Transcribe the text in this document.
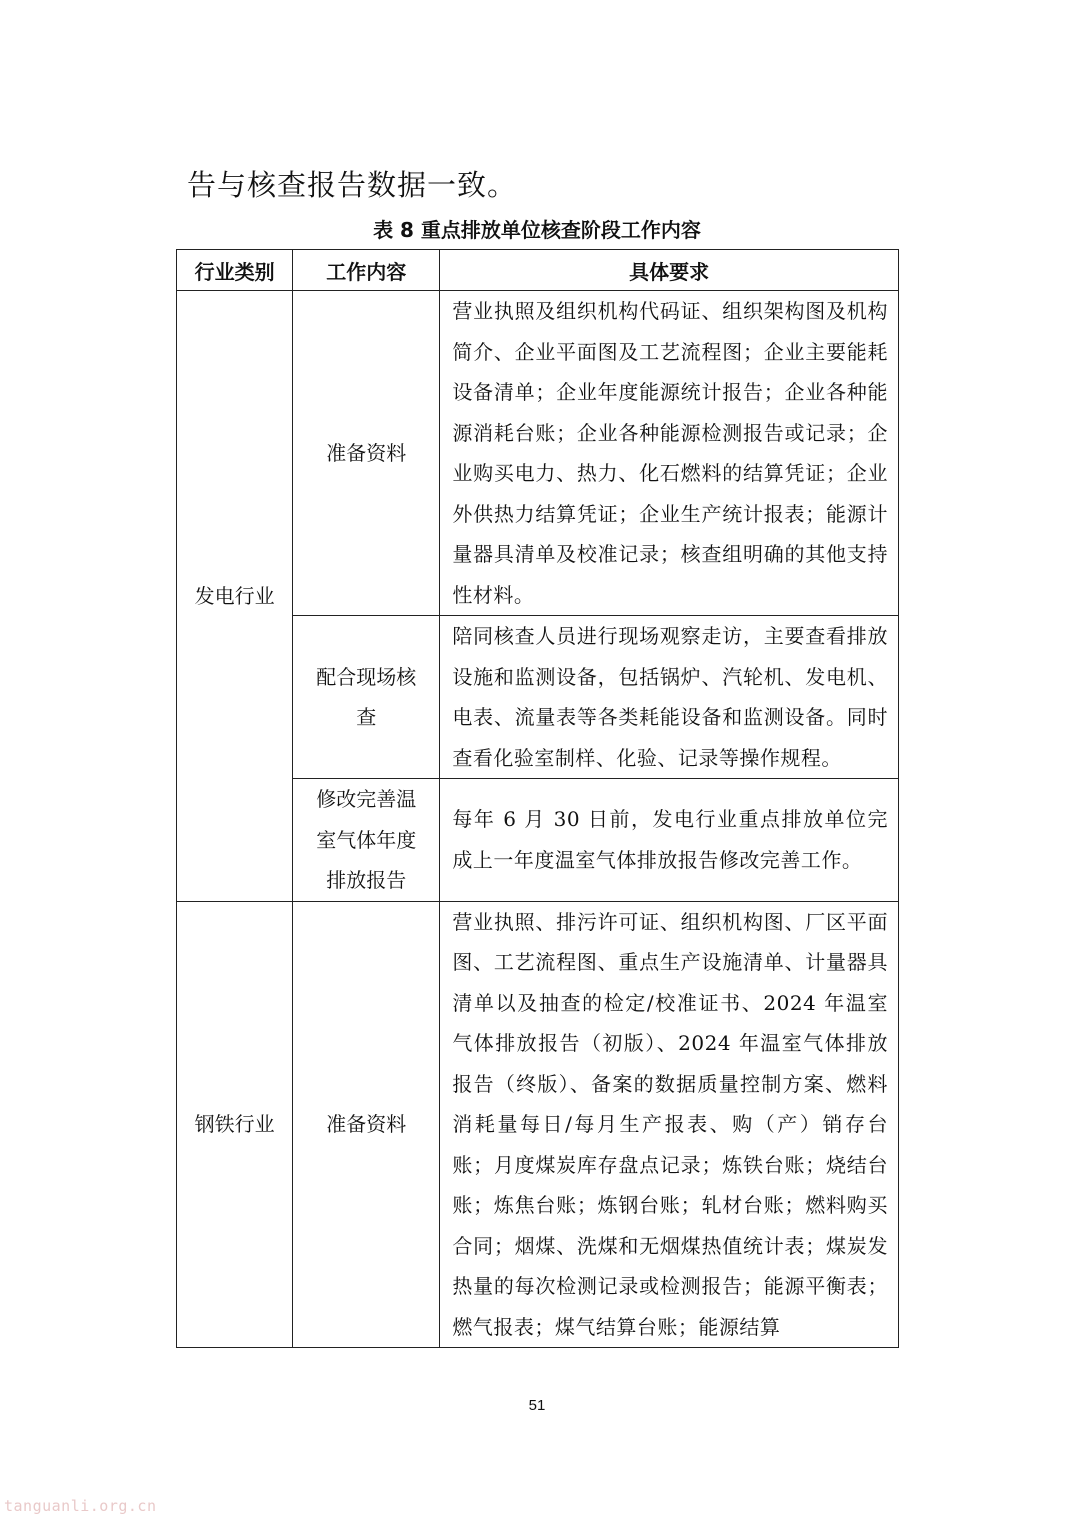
告与核查报告数据一致。
表 8 重点排放单位核查阶段工作内容
行业类别	工作内容	具体要求

发电行业	准备资料	营业执照及组织机构代码证、组织架构图及机构简介、企业平面图及工艺流程图；企业主要能耗设备清单；企业年度能源统计报告；企业各种能源消耗台账；企业各种能源检测报告或记录；企业购买电力、热力、化石燃料的结算凭证；企业外供热力结算凭证；企业生产统计报表；能源计量器具清单及校准记录；核查组明确的其他支持性材料。

	配合现场核查	陪同核查人员进行现场观察走访，主要查看排放设施和监测设备，包括锅炉、汽轮机、发电机、电表、流量表等各类耗能设备和监测设备。同时查看化验室制样、化验、记录等操作规程。

	修改完善温室气体年度排放报告	每年 6 月 30 日前，发电行业重点排放单位完成上一年度温室气体排放报告修改完善工作。

钢铁行业	准备资料	营业执照、排污许可证、组织机构图、厂区平面图、工艺流程图、重点生产设施清单、计量器具清单以及抽查的检定/校准证书、2024 年温室气体排放报告（初版）、2024 年温室气体排放报告（终版）、备案的数据质量控制方案、燃料消耗量每日/每月生产报表、购（产）销存台账；月度煤炭库存盘点记录；炼铁台账；烧结台账；炼焦台账；炼钢台账；轧材台账；燃料购买合同；烟煤、洗煤和无烟煤热值统计表；煤炭发热量的每次检测记录或检测报告；能源平衡表；燃气报表；煤气结算台账；能源结算
51
tanguanli.org.cn
